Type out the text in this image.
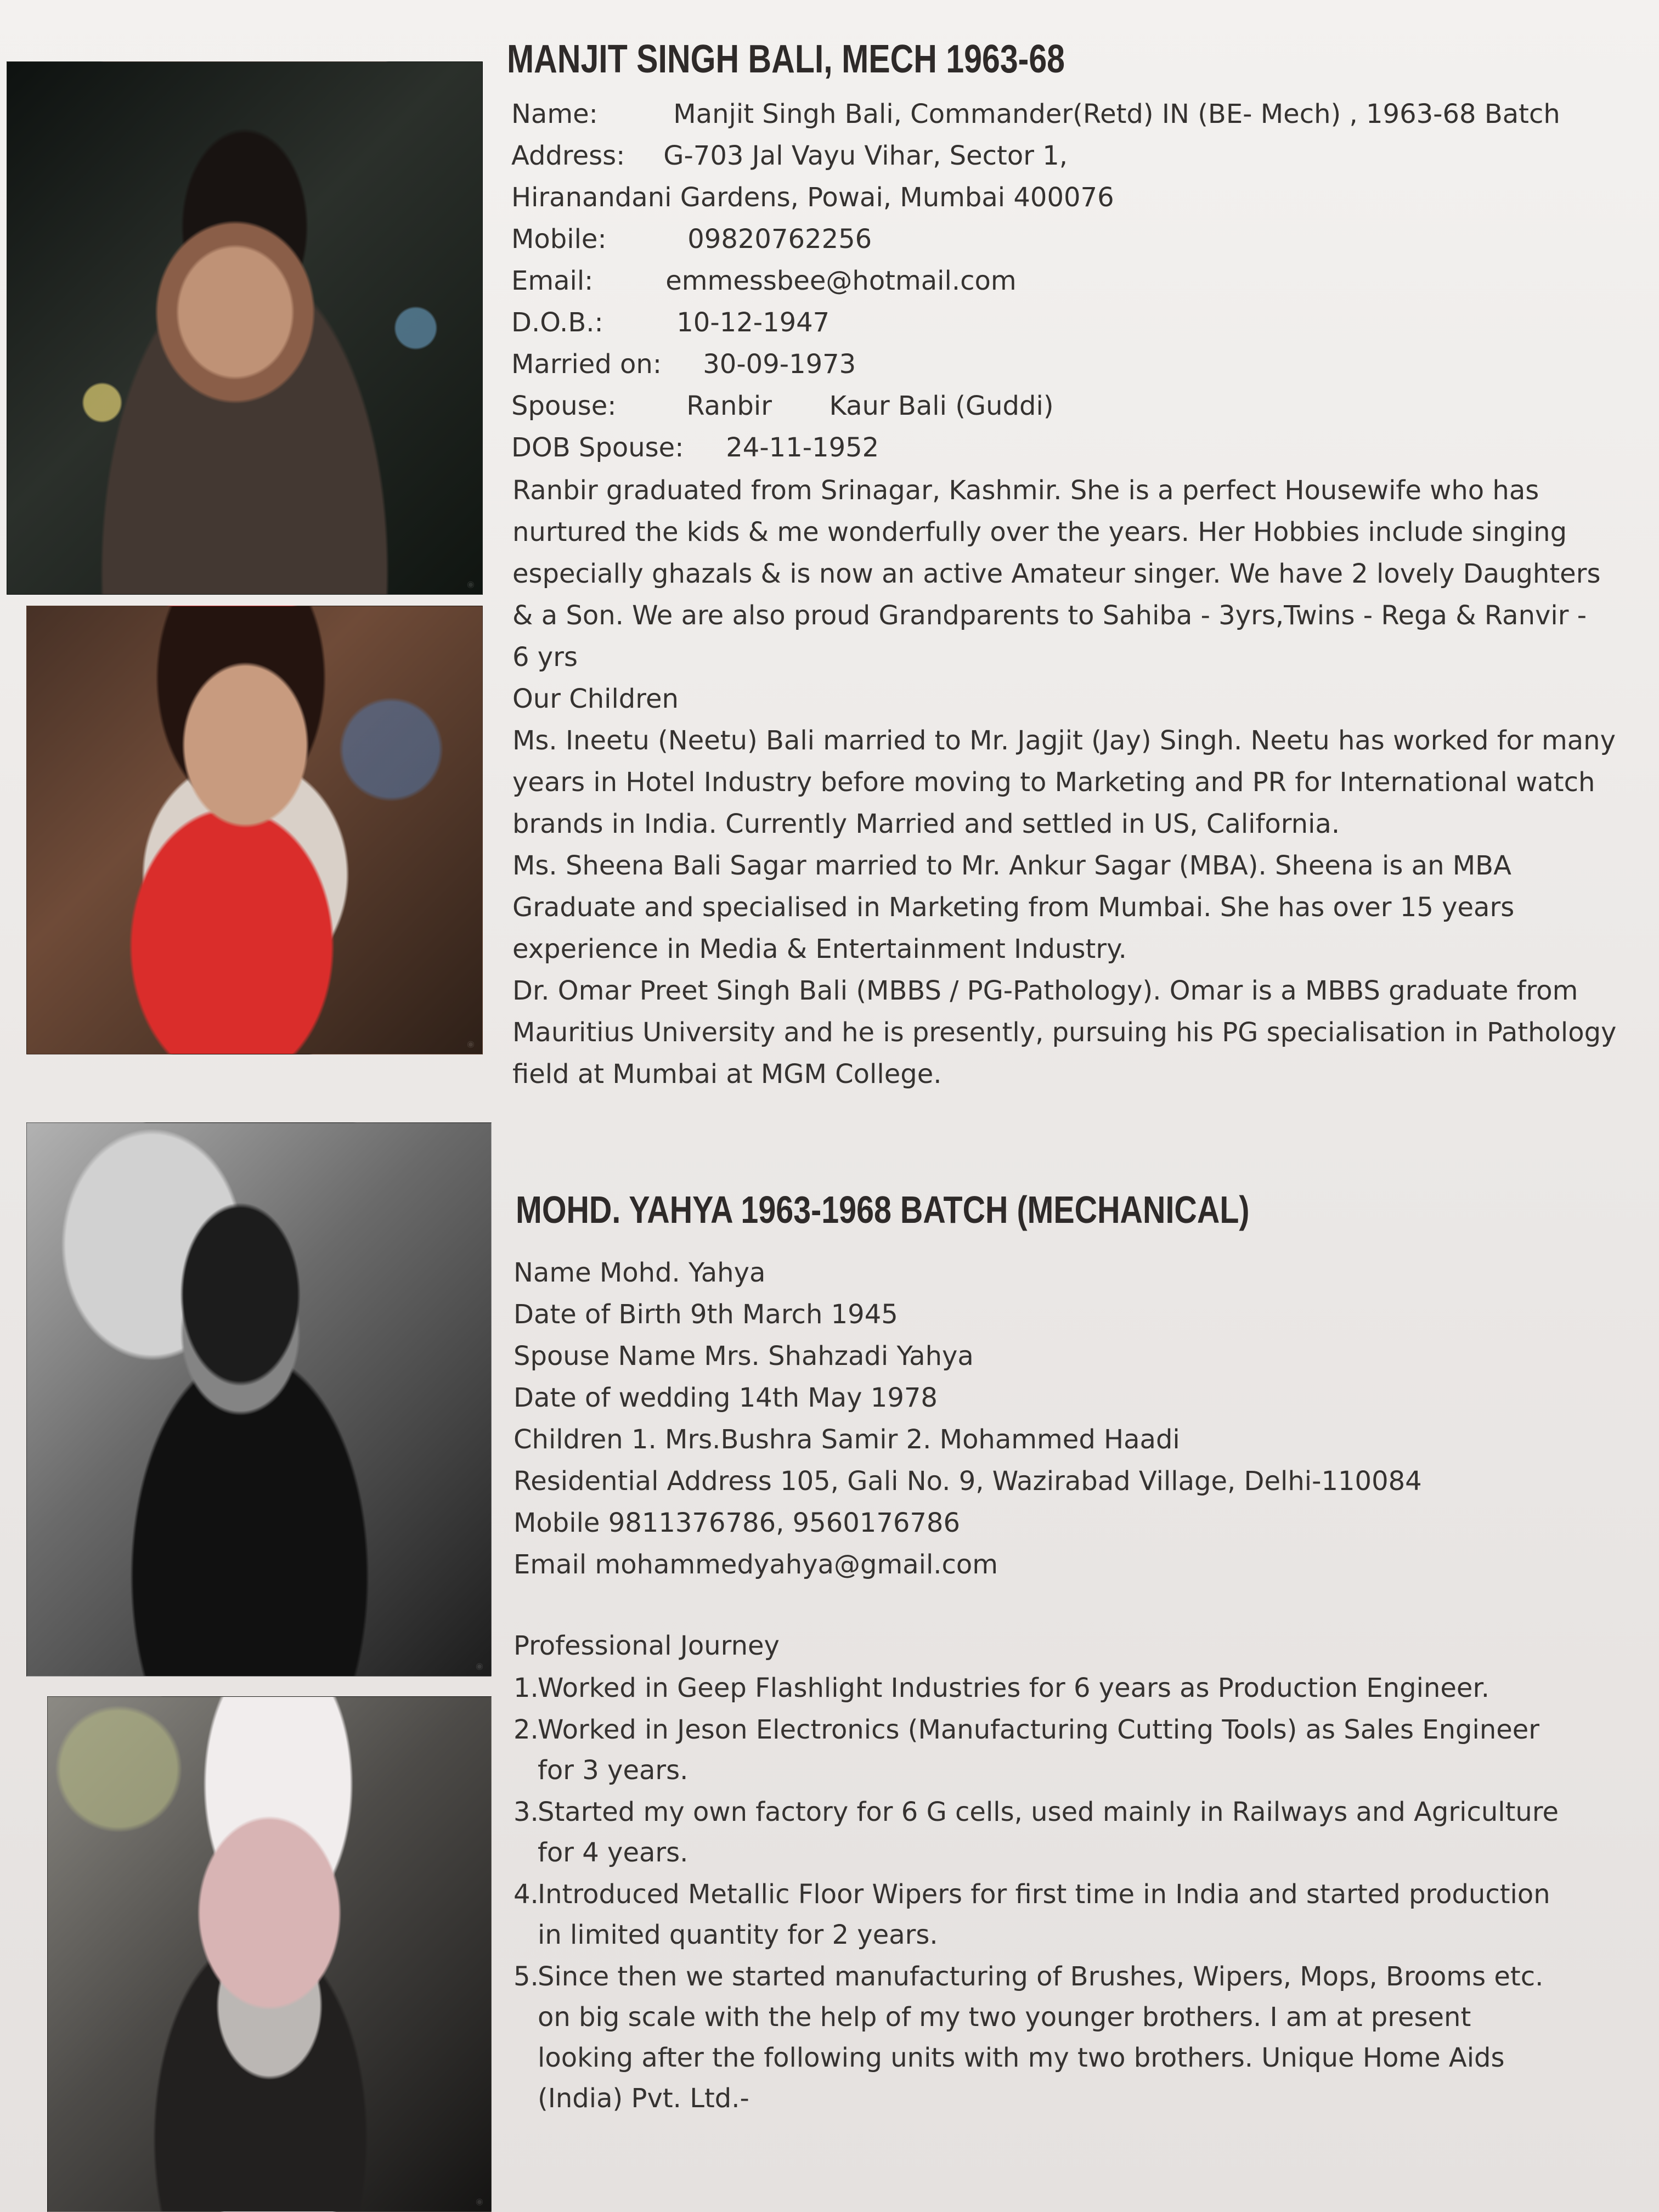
◉
◉
◉
◉
MANJIT SINGH BALI, MECH 1963-68
Name:	Manjit Singh Bali, Commander(Retd) IN (BE- Mech) , 1963-68 Batch
Address: G-703 Jal Vayu Vihar, Sector 1,
Hiranandani Gardens, Powai, Mumbai 400076
Mobile:	09820762256
Email:	emmessbee@hotmail.com
D.O.B.:	10-12-1947
Married on: 30-09-1973
Spouse:	Ranbir Kaur Bali (Guddi)
DOB Spouse: 24-11-1952
Ranbir graduated from Srinagar, Kashmir. She is a perfect Housewife who has
nurtured the kids & me wonderfully over the years. Her Hobbies include singing
especially ghazals & is now an active Amateur singer. We have 2 lovely Daughters
& a Son. We are also proud Grandparents to Sahiba - 3yrs,Twins - Rega & Ranvir -
6 yrs
Our Children
Ms. Ineetu (Neetu) Bali married to Mr. Jagjit (Jay) Singh. Neetu has worked for many
years in Hotel Industry before moving to Marketing and PR for International watch
brands in India. Currently Married and settled in US, California.
Ms. Sheena Bali Sagar married to Mr. Ankur Sagar (MBA). Sheena is an MBA
Graduate and specialised in Marketing from Mumbai. She has over 15 years
experience in Media & Entertainment Industry.
Dr. Omar Preet Singh Bali (MBBS / PG-Pathology). Omar is a MBBS graduate from
Mauritius University and he is presently, pursuing his PG specialisation in Pathology
field at Mumbai at MGM College.
MOHD. YAHYA 1963-1968 BATCH (MECHANICAL)
Name Mohd. Yahya
Date of Birth 9th March 1945
Spouse Name Mrs. Shahzadi Yahya
Date of wedding 14th May 1978
Children 1. Mrs.Bushra Samir 2. Mohammed Haadi
Residential Address 105, Gali No. 9, Wazirabad Village, Delhi-110084
Mobile 9811376786, 9560176786
Email mohammedyahya@gmail.com
Professional Journey
1.
Worked in Geep Flashlight Industries for 6 years as Production Engineer.
2.
Worked in Jeson Electronics (Manufacturing Cutting Tools) as Sales Engineer
for 3 years.
3.
Started my own factory for 6 G cells, used mainly in Railways and Agriculture
for 4 years.
4.
Introduced Metallic Floor Wipers for first time in India and started production
in limited quantity for 2 years.
5.
Since then we started manufacturing of Brushes, Wipers, Mops, Brooms etc.
on big scale with the help of my two younger brothers. I am at present
looking after the following units with my two brothers. Unique Home Aids
(India) Pvt. Ltd.-
